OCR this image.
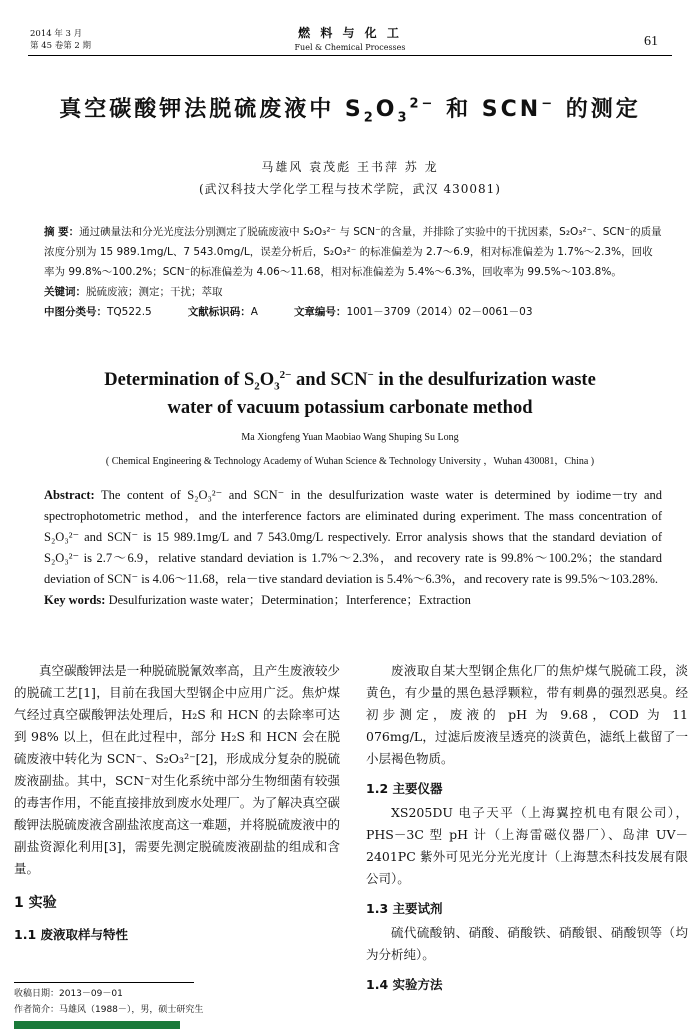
2014 年 3 月
第 45 卷第 2 期
燃 料 与 化 工
Fuel & Chemical Processes	61
真空碳酸钾法脱硫废液中 $S_2O_3^{2-}$ 和 SCN− 的测定
马雄风 袁茂彪 王书萍 苏 龙
(武汉科技大学化学工程与技术学院，武汉 430081)
摘 要：通过碘量法和分光光度法分别测定了脱硫废液中 S₂O₃²⁻ 与 SCN⁻的含量，并排除了实验中的干扰因素，S₂O₃²⁻、SCN⁻的质量浓度分别为 15 989.1mg/L、7 543.0mg/L，误差分析后，S₂O₃²⁻ 的标准偏差为 2.7～6.9，相对标准偏差为 1.7%～2.3%，回收率为 99.8%～100.2%；SCN⁻的标准偏差为 4.06～11.68，相对标准偏差为 5.4%～6.3%，回收率为 99.5%～103.8%。
关键词：脱硫废液；测定；干扰；萃取
中图分类号：TQ522.5	文献标识码：A	文章编号：1001－3709（2014）02－0061－03
Determination of $S_2O_3^{2-}$ and SCN− in the desulfurization waste
water of vacuum potassium carbonate method
Ma Xiongfeng Yuan Maobiao Wang Shuping Su Long
( Chemical Engineering & Technology Academy of Wuhan Science & Technology University ，Wuhan 430081，China )
Abstract: The content of S₂O₃²⁻ and SCN⁻ in the desulfurization waste water is determined by iodime－try and spectrophotometric method，and the interference factors are eliminated during experiment. The mass concentration of S₂O₃²⁻ and SCN⁻ is 15 989.1mg/L and 7 543.0mg/L respectively. Error analysis shows that the standard deviation of S₂O₃²⁻ is 2.7～6.9，relative standard deviation is 1.7%～2.3%，and recovery rate is 99.8%～100.2%；the standard deviation of SCN⁻ is 4.06～11.68，rela－tive standard deviation is 5.4%～6.3%，and recovery rate is 99.5%～103.28%.
Key words: Desulfurization waste water；Determination；Interference；Extraction

真空碳酸钾法是一种脱硫脱氰效率高，且产生废液较少的脱硫工艺[1]，目前在我国大型钢企中应用广泛。焦炉煤气经过真空碳酸钾法处理后，H₂S 和 HCN 的去除率可达到 98% 以上，但在此过程中，部分 H₂S 和 HCN 会在脱硫废液中转化为 SCN⁻、S₂O₃²⁻[2]，形成成分复杂的脱硫废液副盐。其中，SCN⁻对生化系统中部分生物细菌有较强的毒害作用，不能直接排放到废水处理厂。为了解决真空碳酸钾法脱硫废液含副盐浓度高这一难题，并将脱硫废液中的副盐资源化利用[3]，需要先测定脱硫废液副盐的组成和含量。

1 实验
1.1 废液取样与特性

废液取自某大型钢企焦化厂的焦炉煤气脱硫工段，淡黄色，有少量的黑色悬浮颗粒，带有刺鼻的强烈恶臭。经初步测定，废液的 pH 为 9.68，COD 为 11 076mg/L，过滤后废液呈透亮的淡黄色，滤纸上截留了一小层褐色物质。

1.2 主要仪器

XS205DU 电子天平（上海翼控机电有限公司），PHS－3C 型 pH 计（上海雷磁仪器厂）、岛津 UV－2401PC 紫外可见光分光光度计（上海慧杰科技发展有限公司）。

1.3 主要试剂

硫代硫酸钠、硝酸、硝酸铁、硝酸银、硝酸钡等（均为分析纯）。

1.4 实验方法
收稿日期：2013－09－01
作者简介：马雄风（1988－），男，硕士研究生
